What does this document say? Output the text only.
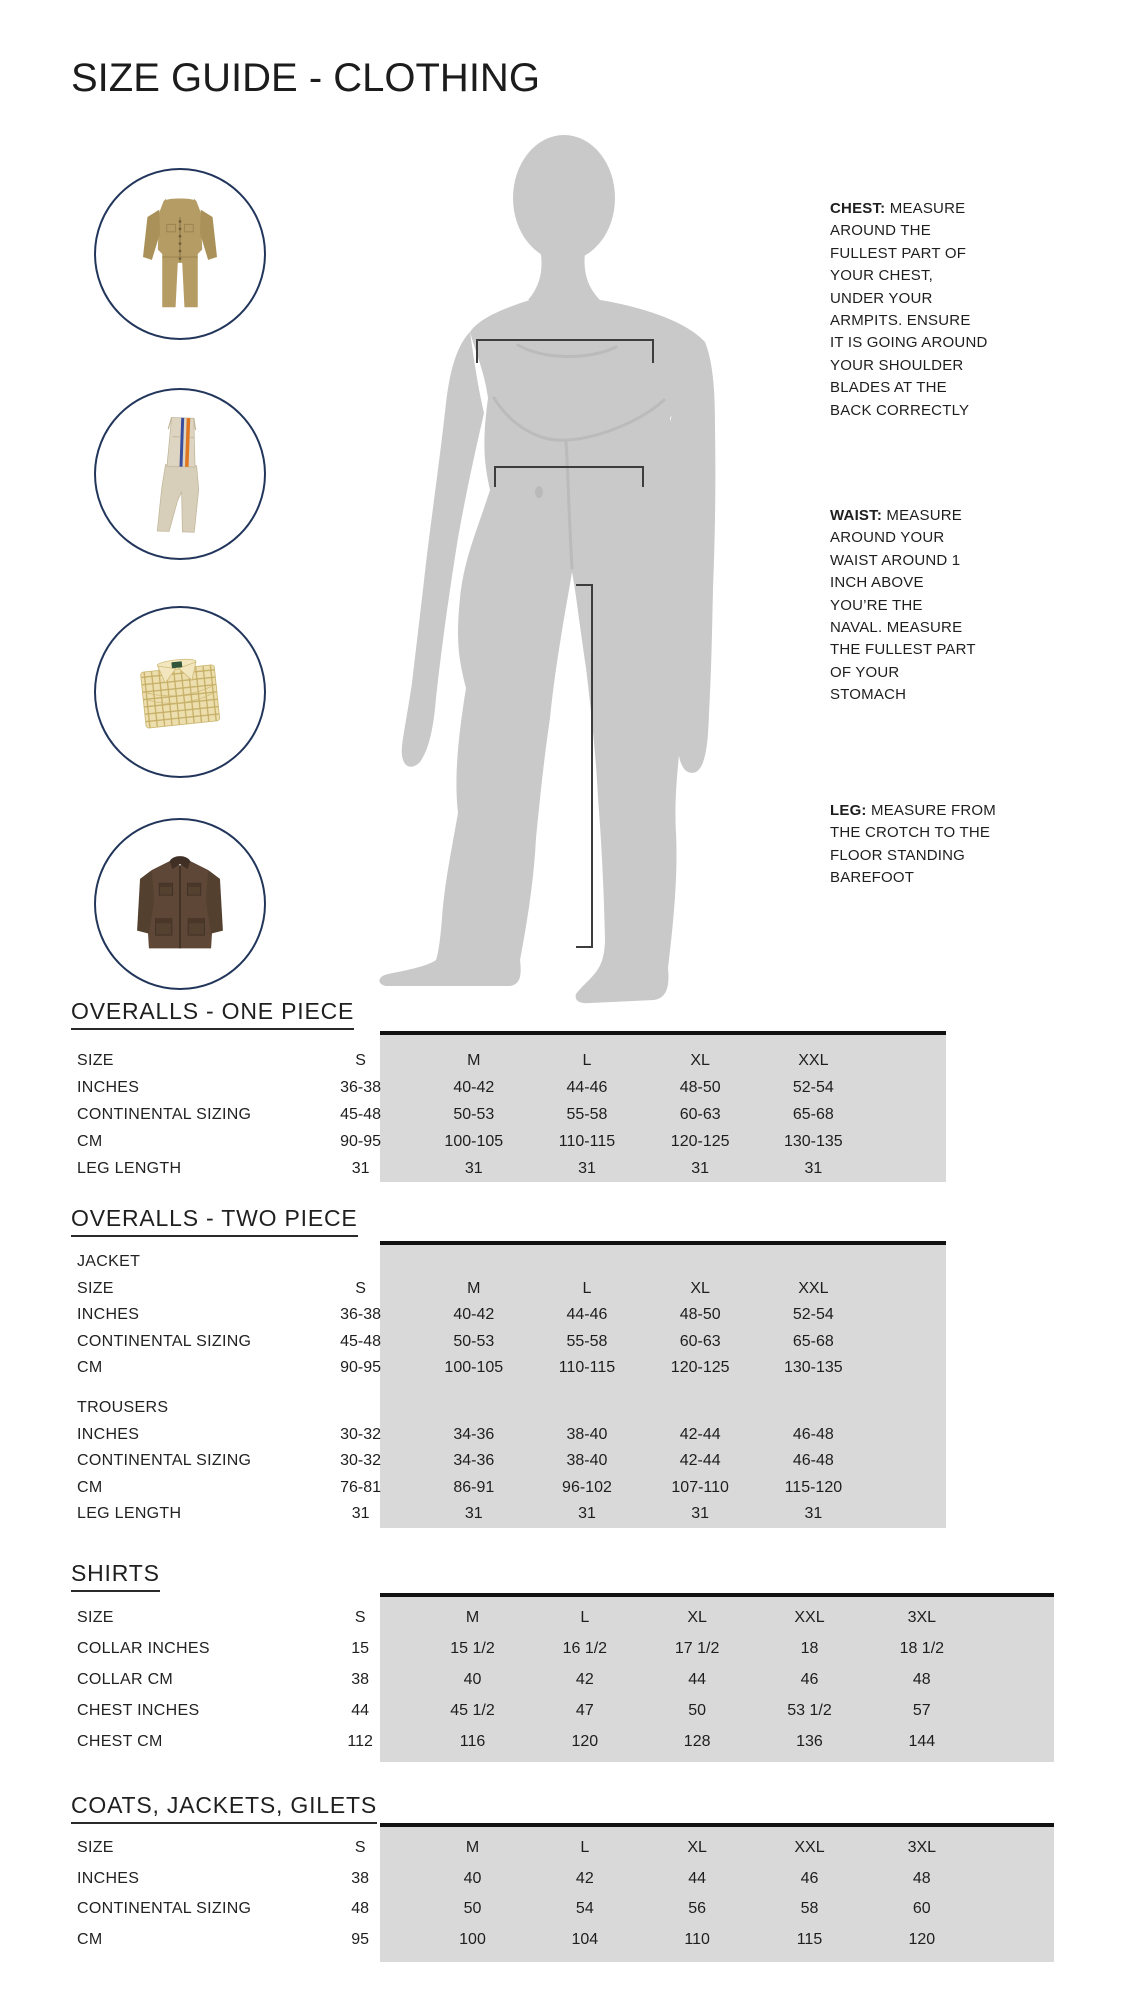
SIZE GUIDE - CLOTHING

CHEST: MEASURE AROUND THE FULLEST PART OF YOUR CHEST, UNDER YOUR ARMPITS. ENSURE IT IS GOING AROUND YOUR SHOULDER BLADES AT THE BACK CORRECTLY

WAIST: MEASURE AROUND YOUR WAIST AROUND 1 INCH ABOVE YOU’RE THE NAVAL. MEASURE THE FULLEST PART OF YOUR STOMACH

LEG: MEASURE FROM THE CROTCH TO THE FLOOR STANDING BAREFOOT

OVERALLS - ONE PIECE
SIZE	S	M	L	XL	XXL
INCHES	36-38	40-42	44-46	48-50	52-54
CONTINENTAL SIZING	45-48	50-53	55-58	60-63	65-68
CM	90-95	100-105	110-115	120-125	130-135
LEG LENGTH	31	31	31	31	31
OVERALLS - TWO PIECE
JACKET
SIZE	S	M	L	XL	XXL
INCHES	36-38	40-42	44-46	48-50	52-54
CONTINENTAL SIZING	45-48	50-53	55-58	60-63	65-68
CM	90-95	100-105	110-115	120-125	130-135
TROUSERS
INCHES	30-32	34-36	38-40	42-44	46-48
CONTINENTAL SIZING	30-32	34-36	38-40	42-44	46-48
CM	76-81	86-91	96-102	107-110	115-120
LEG LENGTH	31	31	31	31	31
SHIRTS
SIZE	S	M	L	XL	XXL	3XL
COLLAR INCHES	15	15 1/2	16 1/2	17 1/2	18	18 1/2
COLLAR CM	38	40	42	44	46	48
CHEST INCHES	44	45 1/2	47	50	53 1/2	57
CHEST CM	112	116	120	128	136	144
COATS, JACKETS, GILETS
SIZE	S	M	L	XL	XXL	3XL
INCHES	38	40	42	44	46	48
CONTINENTAL SIZING	48	50	54	56	58	60
CM	95	100	104	110	115	120
